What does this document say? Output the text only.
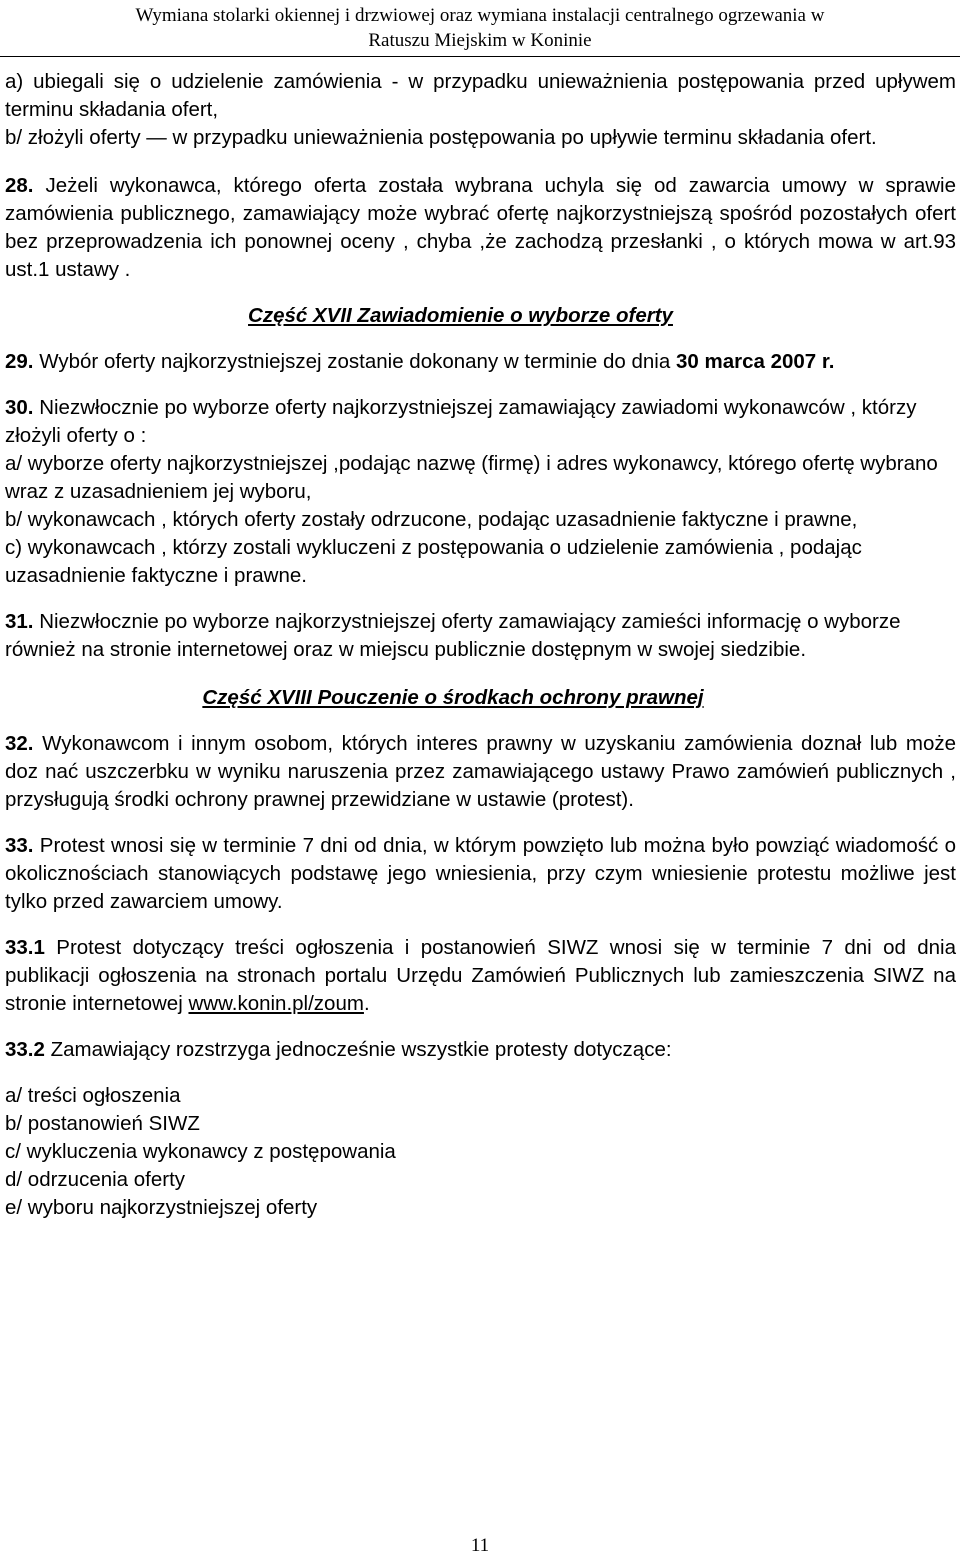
Wymiana stolarki okiennej i drzwiowej oraz wymiana instalacji centralnego ogrzewania w
Ratuszu Miejskim w Koninie

a) ubiegali się o udzielenie zamówienia - w przypadku unieważnienia postępowania przed upływem terminu składania ofert,

b/ złożyli oferty — w przypadku unieważnienia postępowania po upływie terminu składania ofert.

28. Jeżeli wykonawca, którego oferta została wybrana uchyla się od zawarcia umowy w sprawie zamówienia publicznego, zamawiający może wybrać ofertę najkorzystniejszą spośród pozostałych ofert bez przeprowadzenia ich ponownej oceny , chyba ,że zachodzą przesłanki , o których mowa w art.93 ust.1 ustawy .

Część XVII Zawiadomienie o wyborze oferty

29. Wybór oferty najkorzystniejszej zostanie dokonany w terminie do dnia 30 marca 2007 r.

30. Niezwłocznie po wyborze oferty najkorzystniejszej zamawiający zawiadomi wykonawców , którzy złożyli oferty o :

a/ wyborze oferty najkorzystniejszej ,podając nazwę (firmę) i adres wykonawcy, którego ofertę wybrano wraz z uzasadnieniem jej wyboru,

b/ wykonawcach , których oferty zostały odrzucone, podając uzasadnienie faktyczne i prawne,

c) wykonawcach , którzy zostali wykluczeni z postępowania o udzielenie zamówienia , podając uzasadnienie faktyczne i prawne.

31. Niezwłocznie po wyborze najkorzystniejszej oferty zamawiający zamieści informację o wyborze również na stronie internetowej oraz w miejscu publicznie dostępnym w swojej siedzibie.

Część XVIII Pouczenie o środkach ochrony prawnej

32. Wykonawcom i innym osobom, których interes prawny w uzyskaniu zamówienia doznał lub może doz nać uszczerbku w wyniku naruszenia przez zamawiającego ustawy Prawo zamówień publicznych , przysługują środki ochrony prawnej przewidziane w ustawie (protest).

33. Protest wnosi się w terminie 7 dni od dnia, w którym powzięto lub można było powziąć wiadomość o okolicznościach stanowiących podstawę jego wniesienia, przy czym wniesienie protestu możliwe jest tylko przed zawarciem umowy.

33.1 Protest dotyczący treści ogłoszenia i postanowień SIWZ wnosi się w terminie 7 dni od dnia publikacji ogłoszenia na stronach portalu Urzędu Zamówień Publicznych lub zamieszczenia SIWZ na stronie internetowej www.konin.pl/zoum.

33.2 Zamawiający rozstrzyga jednocześnie wszystkie protesty dotyczące:

a/ treści ogłoszenia

b/ postanowień SIWZ

c/ wykluczenia wykonawcy z postępowania

d/ odrzucenia oferty

e/ wyboru najkorzystniejszej oferty

11
